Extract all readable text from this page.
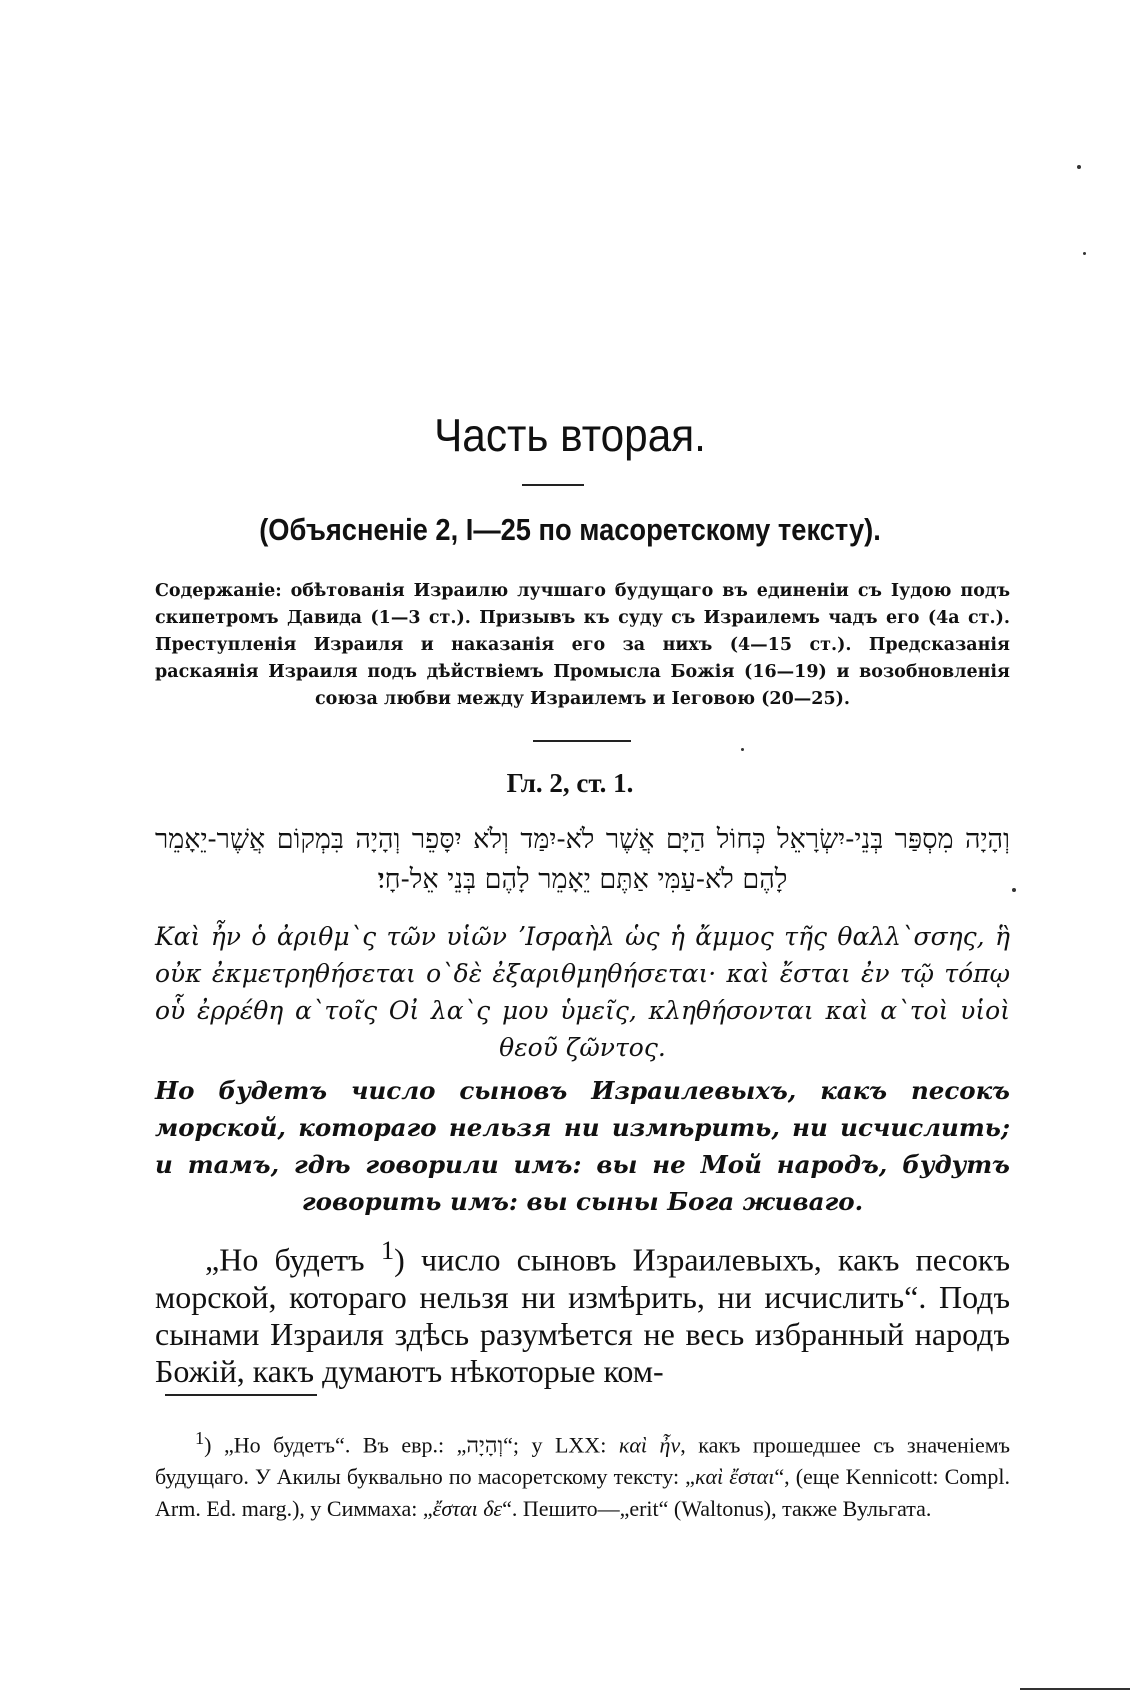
Часть вторая.
(Объясненіе 2, I—25 по масоретскому тексту).
Содержаніе: обѣтованія Израилю лучшаго будущаго въ единеніи съ Іудою подъ скипетромъ Давида (1—3 ст.). Призывъ къ суду съ Израилемъ чадъ его (4а ст.). Преступленія Израиля и наказанія его за нихъ (4—15 ст.). Предсказанія раскаянія Израиля подъ дѣйствіемъ Промысла Божія (16—19) и возобновленія союза любви между Израилемъ и Іеговою (20—25).
Гл. 2, ст. 1.
וְהָיָה מִסְפַּר בְּנֵי-יִשְׂרָאֵל כְּחוֹל הַיָּם אֲשֶׁר לֹא-יִמַּד וְלֹא יִסָּפֵר וְהָיָה בִּמְקוֹם אֲשֶׁר-יֵאָמֵר לָהֶם לֹא-עַמִּי אַתֶּם יֵאָמֵר לָהֶם בְּנֵי אֵל-חָי׃
Καὶ ἦν ὁ ἀριθμ`ς τῶν υἱῶν ʼΙσραὴλ ὡς ἡ ἄμμος τῆς θαλλ`σσης, ἣ οὐκ ἐκμετρηθήσεται ο`δὲ ἐξαριθμηθήσεται· καὶ ἔσται ἐν τῷ τόπῳ οὗ ἐρρέθη α`τοῖς Οἰ λα`ς μου ὑμεῖς, κληθήσονται καὶ α`τοὶ υἱοὶ θεοῦ ζῶντος.
Но будетъ число сыновъ Израилевыхъ, какъ песокъ морской, котораго нельзя ни измѣрить, ни исчислить; и тамъ, гдѣ говорили имъ: вы не Мой народъ, будутъ говорить имъ: вы сыны Бога живаго.
„Но будетъ $^1$) число сыновъ Израилевыхъ, какъ песокъ морской, котораго нельзя ни измѣрить, ни исчислить“. Подъ сынами Израиля здѣсь разумѣется не весь избранный народъ Божій, какъ думаютъ нѣкоторые ком-
$^1$) „Но будетъ“. Въ евр.: „וְהָיָה“; у LXX: καὶ ἦν, какъ прошедшее съ значеніемъ будущаго. У Акилы буквально по масоретскому тексту: „καὶ ἔσται“, (еще Kennicott: Compl. Arm. Ed. marg.), у Симмаха: „ἔσται δε“. Пешито—„erit“ (Waltonus), также Вульгата.
